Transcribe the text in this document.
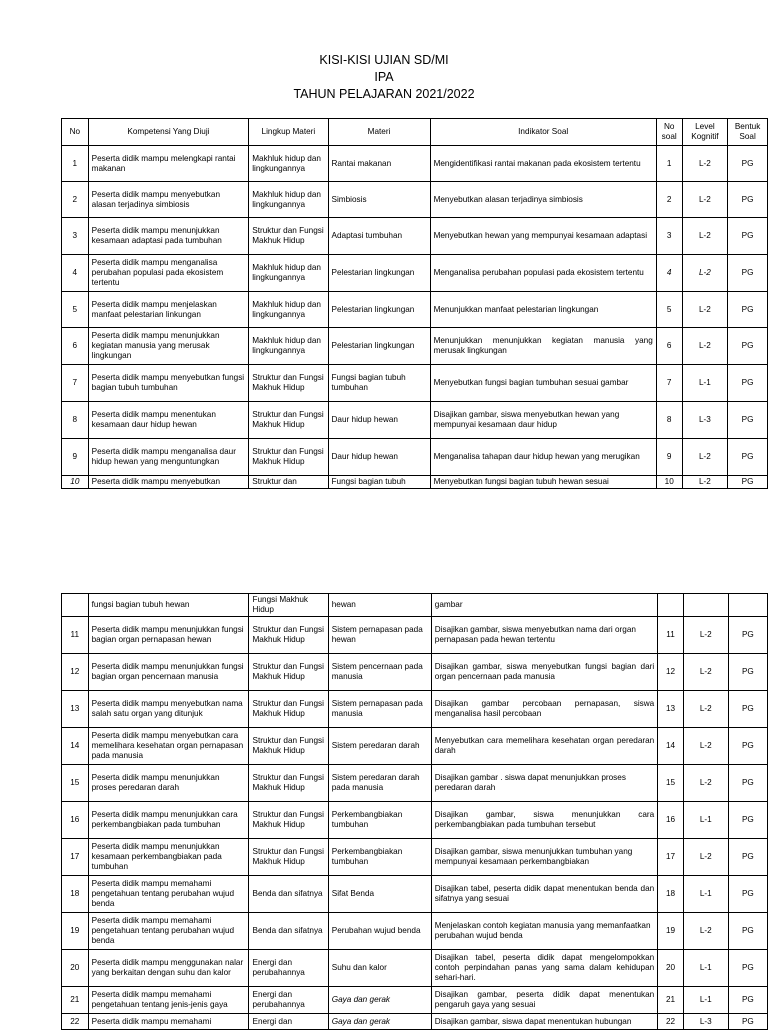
KISI-KISI UJIAN SD/MI
IPA
TAHUN PELAJARAN 2021/2022
No	Kompetensi Yang Diuji	Lingkup Materi	Materi	Indikator Soal	No soal	Level Kognitif	Bentuk Soal
1	Peserta didik mampu melengkapi rantai makanan	Makhluk hidup dan lingkungannya	Rantai makanan	Mengidentifikasi rantai makanan pada ekosistem tertentu	1	L-2	PG
2	Peserta didik mampu menyebutkan alasan terjadinya simbiosis	Makhluk hidup dan lingkungannya	Simbiosis	Menyebutkan alasan terjadinya simbiosis	2	L-2	PG
3	Peserta didik mampu menunjukkan kesamaan adaptasi pada tumbuhan	Struktur dan Fungsi Makhuk Hidup	Adaptasi tumbuhan	Menyebutkan hewan yang mempunyai kesamaan adaptasi	3	L-2	PG
4	Peserta didik mampu menganalisa perubahan populasi pada ekosistem tertentu	Makhluk hidup dan lingkungannya	Pelestarian lingkungan	Menganalisa perubahan populasi pada ekosistem tertentu	4	L-2	PG
5	Peserta didik mampu menjelaskan manfaat pelestarian linkungan	Makhluk hidup dan lingkungannya	Pelestarian lingkungan	Menunjukkan manfaat pelestarian lingkungan	5	L-2	PG
6	Peserta didik mampu menunjukkan kegiatan manusia yang merusak lingkungan	Makhluk hidup dan lingkungannya	Pelestarian lingkungan	Menunjukkan menunjukkan kegiatan manusia yang merusak lingkungan	6	L-2	PG
7	Peserta didik mampu menyebutkan fungsi bagian tubuh tumbuhan	Struktur dan Fungsi Makhuk Hidup	Fungsi bagian tubuh tumbuhan	Menyebutkan fungsi bagian tumbuhan sesuai gambar	7	L-1	PG
8	Peserta didik mampu menentukan kesamaan daur hidup hewan	Struktur dan Fungsi Makhuk Hidup	Daur hidup hewan	Disajikan gambar, siswa menyebutkan hewan yang mempunyai kesamaan daur hidup	8	L-3	PG
9	Peserta didik mampu menganalisa daur hidup hewan yang menguntungkan	Struktur dan Fungsi Makhuk Hidup	Daur hidup hewan	Menganalisa tahapan daur hidup hewan yang merugikan	9	L-2	PG
10	Peserta didik mampu menyebutkan	Struktur dan	Fungsi bagian tubuh	Menyebutkan fungsi bagian tubuh hewan sesuai	10	L-2	PG
	fungsi bagian tubuh hewan	Fungsi Makhuk Hidup	hewan	gambar			
11	Peserta didik mampu menunjukkan fungsi bagian organ pernapasan hewan	Struktur dan Fungsi Makhuk Hidup	Sistem pernapasan pada hewan	Disajikan gambar, siswa menyebutkan nama dari organ pernapasan pada hewan tertentu	11	L-2	PG
12	Peserta didik mampu menunjukkan fungsi bagian organ pencernaan manusia	Struktur dan Fungsi Makhuk Hidup	Sistem pencernaan pada manusia	Disajikan gambar, siswa menyebutkan fungsi bagian dari organ pencernaan pada manusia	12	L-2	PG
13	Peserta didik mampu menyebutkan nama salah satu organ yang ditunjuk	Struktur dan Fungsi Makhuk Hidup	Sistem pernapasan pada manusia	Disajikan gambar percobaan pernapasan, siswa menganalisa hasil percobaan	13	L-2	PG
14	Peserta didik mampu menyebutkan cara memelihara kesehatan organ pernapasan pada manusia	Struktur dan Fungsi Makhuk Hidup	Sistem peredaran darah	Menyebutkan cara memelihara kesehatan organ peredaran darah	14	L-2	PG
15	Peserta didik mampu menunjukkan proses peredaran darah	Struktur dan Fungsi Makhuk Hidup	Sistem peredaran darah pada manusia	Disajikan gambar . siswa dapat menunjukkan proses peredaran darah	15	L-2	PG
16	Peserta didik mampu menunjukkan cara perkembangbiakan pada tumbuhan	Struktur dan Fungsi Makhuk Hidup	Perkembangbiakan tumbuhan	Disajikan gambar, siswa menunjukkan cara perkembangbiakan pada tumbuhan tersebut	16	L-1	PG
17	Peserta didik mampu menunjukkan kesamaan perkembangbiakan pada tumbuhan	Struktur dan Fungsi Makhuk Hidup	Perkembangbiakan tumbuhan	Disajikan gambar, siswa menunjukkan tumbuhan yang mempunyai kesamaan perkembangbiakan	17	L-2	PG
18	Peserta didik mampu memahami pengetahuan tentang perubahan wujud benda	Benda dan sifatnya	Sifat Benda	Disajikan tabel, peserta didik dapat menentukan benda dan sifatnya yang sesuai	18	L-1	PG
19	Peserta didik mampu memahami pengetahuan tentang perubahan wujud benda	Benda dan sifatnya	Perubahan wujud benda	Menjelaskan contoh kegiatan manusia yang memanfaatkan perubahan wujud benda	19	L-2	PG
20	Peserta didik mampu menggunakan nalar yang berkaitan dengan suhu dan kalor	Energi dan perubahannya	Suhu dan kalor	Disajikan tabel, peserta didik dapat mengelompokkan contoh perpindahan panas yang sama dalam kehidupan sehari-hari.	20	L-1	PG
21	Peserta didik mampu memahami pengetahuan tentang jenis-jenis gaya	Energi dan perubahannya	Gaya dan gerak	Disajikan gambar, peserta didik dapat menentukan pengaruh gaya yang sesuai	21	L-1	PG
22	Peserta didik mampu memahami	Energi dan	Gaya dan gerak	Disajikan gambar, siswa dapat menentukan hubungan	22	L-3	PG
